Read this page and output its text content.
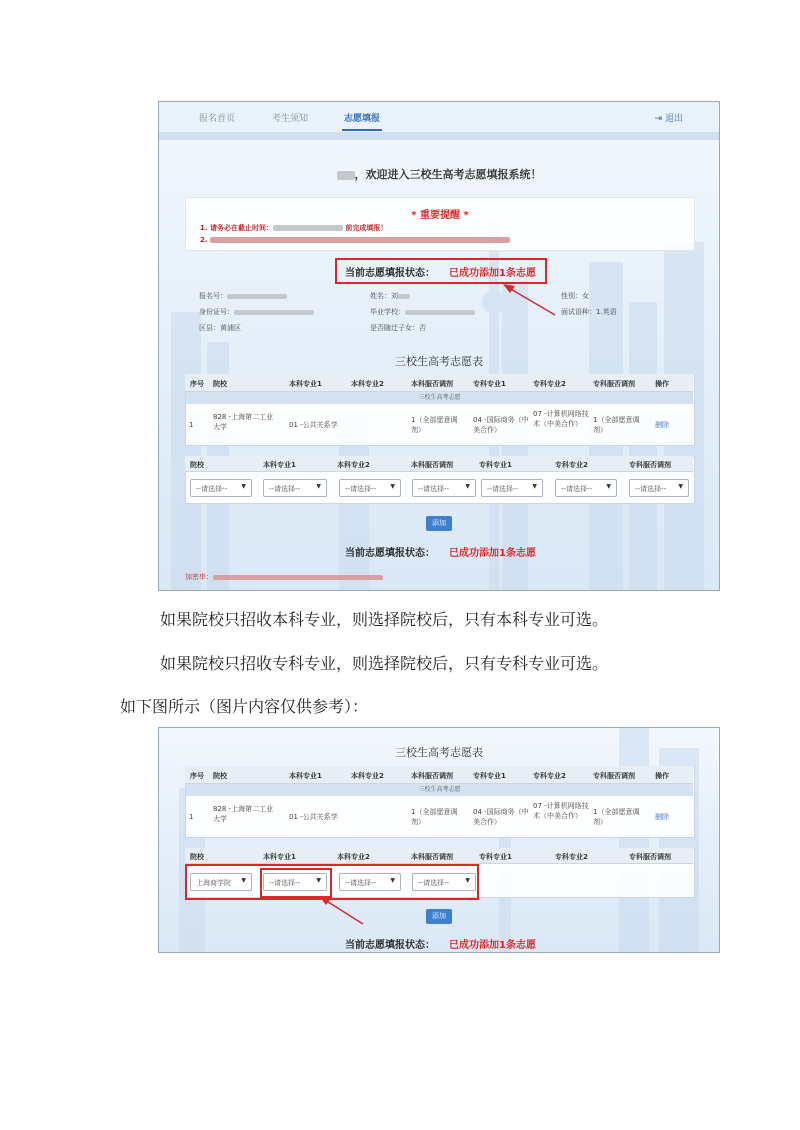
报名首页	考生须知	志愿填报	⇥ 退出
，欢迎进入三校生高考志愿填报系统！
* 重要提醒 *
1. 请务必在截止时间：	前完成填报！
2.
当前志愿填报状态： 已成功添加1条志愿
报名号：	姓名：刘	性别：女
身份证号：	毕业学校：	面试语种：1.英语
区县：黄浦区	是否随迁子女：否
三校生高考志愿表
序号 院校	本科专业1	本科专业2	本科服否调剂	专科专业1	专科专业2	专科服否调剂	操作
三校生高考志愿
1
828 -上海第二工业大学	01 -公共关系学
1（全部愿意调剂）
04 -国际商务（中美合作）
07 -计算机网络技术（中美合作）	1（全部愿意调剂）
删除
院校	本科专业1	本科专业2	本科服否调剂	专科专业1	专科专业2	专科服否调剂
--请选择-- ▼	--请选择--	▼	--请选择-- ▼	--请选择--	▼	--请选择-- ▼	--请选择-- ▼	--请选择-- ▼
添加
当前志愿填报状态： 已成功添加1条志愿
加密串：
如果院校只招收本科专业，则选择院校后，只有本科专业可选。
如果院校只招收专科专业，则选择院校后，只有专科专业可选。
如下图所示（图片内容仅供参考）：
三校生高考志愿表
序号 院校	本科专业1	本科专业2	本科服否调剂	专科专业1	专科专业2	专科服否调剂	操作
三校生高考志愿
1
828 -上海第二工业大学	01 -公共关系学
1（全部愿意调剂）
04 -国际商务（中美合作）
07 -计算机网络技术（中美合作）	1（全部愿意调剂）
删除
院校	本科专业1	本科专业2	本科服否调剂	专科专业1	专科专业2	专科服否调剂
上海商学院 ▼	--请选择--	▼	--请选择-- ▼	--请选择--	▼
添加
当前志愿填报状态： 已成功添加1条志愿
